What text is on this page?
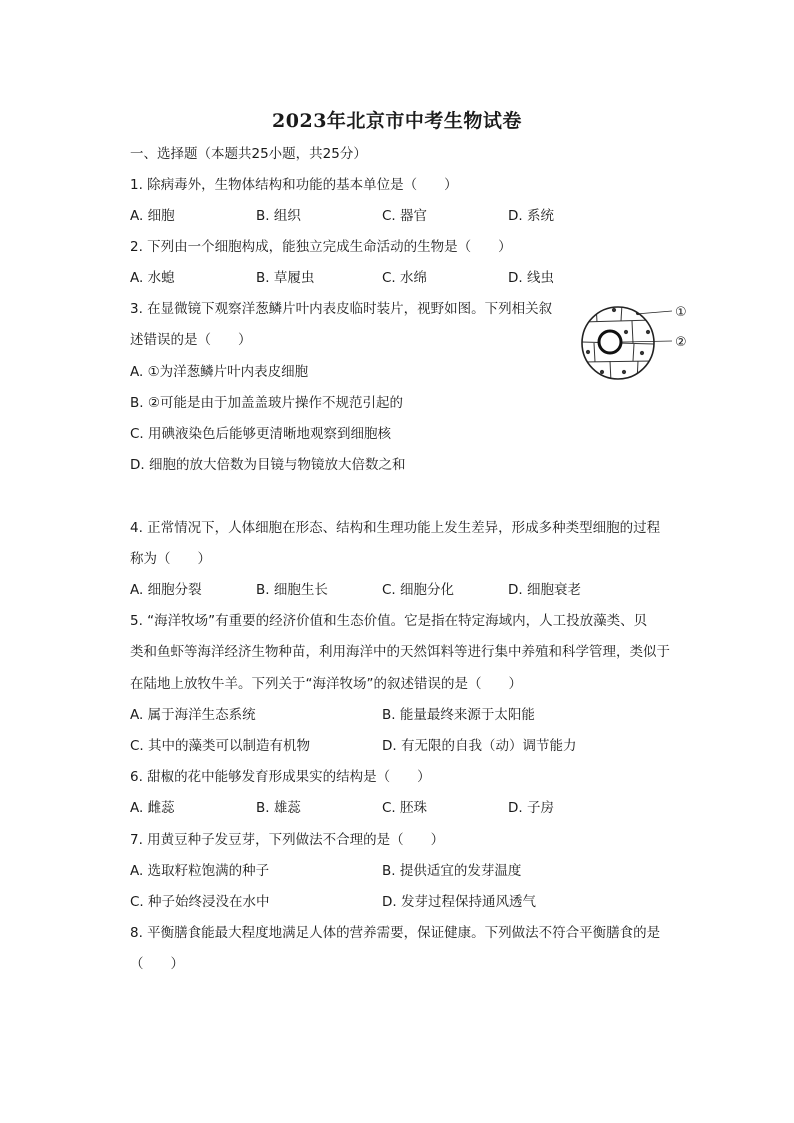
2023年北京市中考生物试卷
一、选择题（本题共25小题，共25分）
1. 除病毒外，生物体结构和功能的基本单位是（　　）
A. 细胞	B. 组织	C. 器官	D. 系统
2. 下列由一个细胞构成，能独立完成生命活动的生物是（　　）
A. 水螅	B. 草履虫	C. 水绵	D. 线虫
3. 在显微镜下观察洋葱鳞片叶内表皮临时装片，视野如图。下列相关叙
述错误的是（　　）
A. ①为洋葱鳞片叶内表皮细胞
B. ②可能是由于加盖盖玻片操作不规范引起的
C. 用碘液染色后能够更清晰地观察到细胞核
D. 细胞的放大倍数为目镜与物镜放大倍数之和
①
②
4. 正常情况下，人体细胞在形态、结构和生理功能上发生差异，形成多种类型细胞的过程
称为（　　）
A. 细胞分裂	B. 细胞生长	C. 细胞分化	D. 细胞衰老
5. “海洋牧场”有重要的经济价值和生态价值。它是指在特定海域内，人工投放藻类、贝
类和鱼虾等海洋经济生物种苗，利用海洋中的天然饵料等进行集中养殖和科学管理，类似于
在陆地上放牧牛羊。下列关于“海洋牧场”的叙述错误的是（　　）
A. 属于海洋生态系统	B. 能量最终来源于太阳能
C. 其中的藻类可以制造有机物	D. 有无限的自我（动）调节能力
6. 甜椒的花中能够发育形成果实的结构是（　　）
A. 雌蕊	B. 雄蕊	C. 胚珠	D. 子房
7. 用黄豆种子发豆芽，下列做法不合理的是（　　）
A. 选取籽粒饱满的种子	B. 提供适宜的发芽温度
C. 种子始终浸没在水中	D. 发芽过程保持通风透气
8. 平衡膳食能最大程度地满足人体的营养需要，保证健康。下列做法不符合平衡膳食的是
（　　）
